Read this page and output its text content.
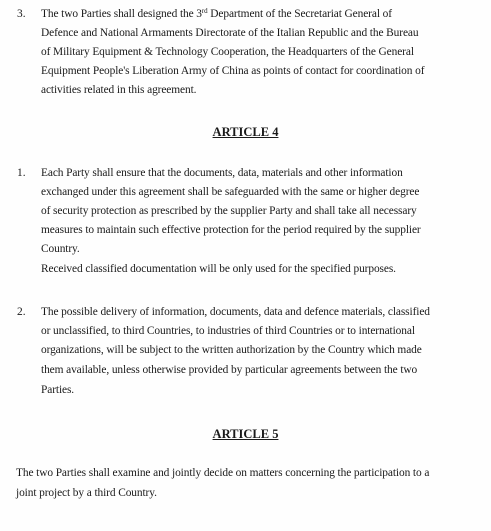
3. The two Parties shall designed the 3rd Department of the Secretariat General of
Defence and National Armaments Directorate of the Italian Republic and the Bureau
of Military Equipment & Technology Cooperation, the Headquarters of the General
Equipment People's Liberation Army of China as points of contact for coordination of
activities related in this agreement.
ARTICLE 4
1. Each Party shall ensure that the documents, data, materials and other information
exchanged under this agreement shall be safeguarded with the same or higher degree
of security protection as prescribed by the supplier Party and shall take all necessary
measures to maintain such effective protection for the period required by the supplier
Country.
Received classified documentation will be only used for the specified purposes.
2. The possible delivery of information, documents, data and defence materials, classified
or unclassified, to third Countries, to industries of third Countries or to international
organizations, will be subject to the written authorization by the Country which made
them available, unless otherwise provided by particular agreements between the two
Parties.
ARTICLE 5
The two Parties shall examine and jointly decide on matters concerning the participation to a
joint project by a third Country.
